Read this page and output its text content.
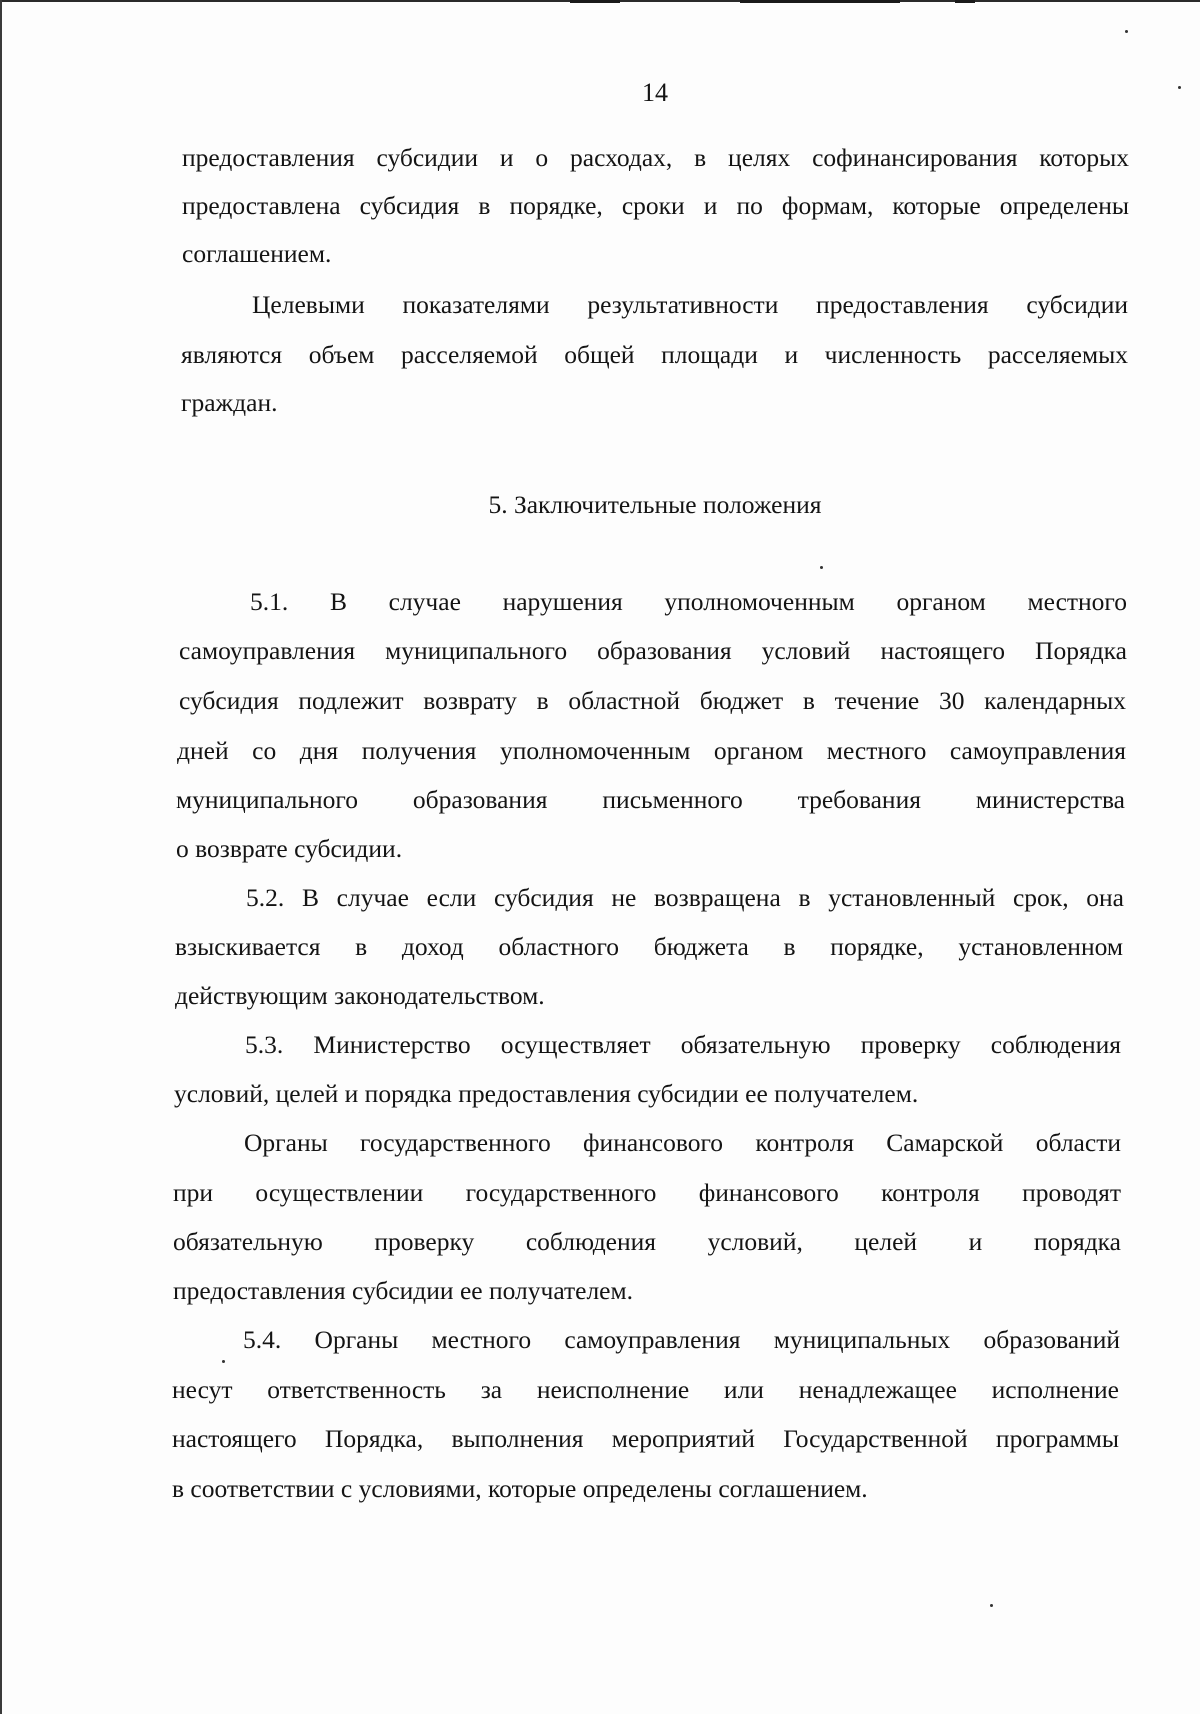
14
предоставления субсидии и о расходах, в целях софинансирования которых
предоставлена субсидия в порядке, сроки и по формам, которые определены
соглашением.
Целевыми показателями результативности предоставления субсидии
являются объем расселяемой общей площади и численность расселяемых
граждан.
5. Заключительные положения
5.1. В случае нарушения уполномоченным органом местного
самоуправления муниципального образования условий настоящего Порядка
субсидия подлежит возврату в областной бюджет в течение 30 календарных
дней со дня получения уполномоченным органом местного самоуправления
муниципального образования письменного требования министерства
о возврате субсидии.
5.2. В случае если субсидия не возвращена в установленный срок, она
взыскивается в доход областного бюджета в порядке, установленном
действующим законодательством.
5.3. Министерство осуществляет обязательную проверку соблюдения
условий, целей и порядка предоставления субсидии ее получателем.
Органы государственного финансового контроля Самарской области
при осуществлении государственного финансового контроля проводят
обязательную проверку соблюдения условий, целей и порядка
предоставления субсидии ее получателем.
5.4. Органы местного самоуправления муниципальных образований
несут ответственность за неисполнение или ненадлежащее исполнение
настоящего Порядка, выполнения мероприятий Государственной программы
в соответствии с условиями, которые определены соглашением.
